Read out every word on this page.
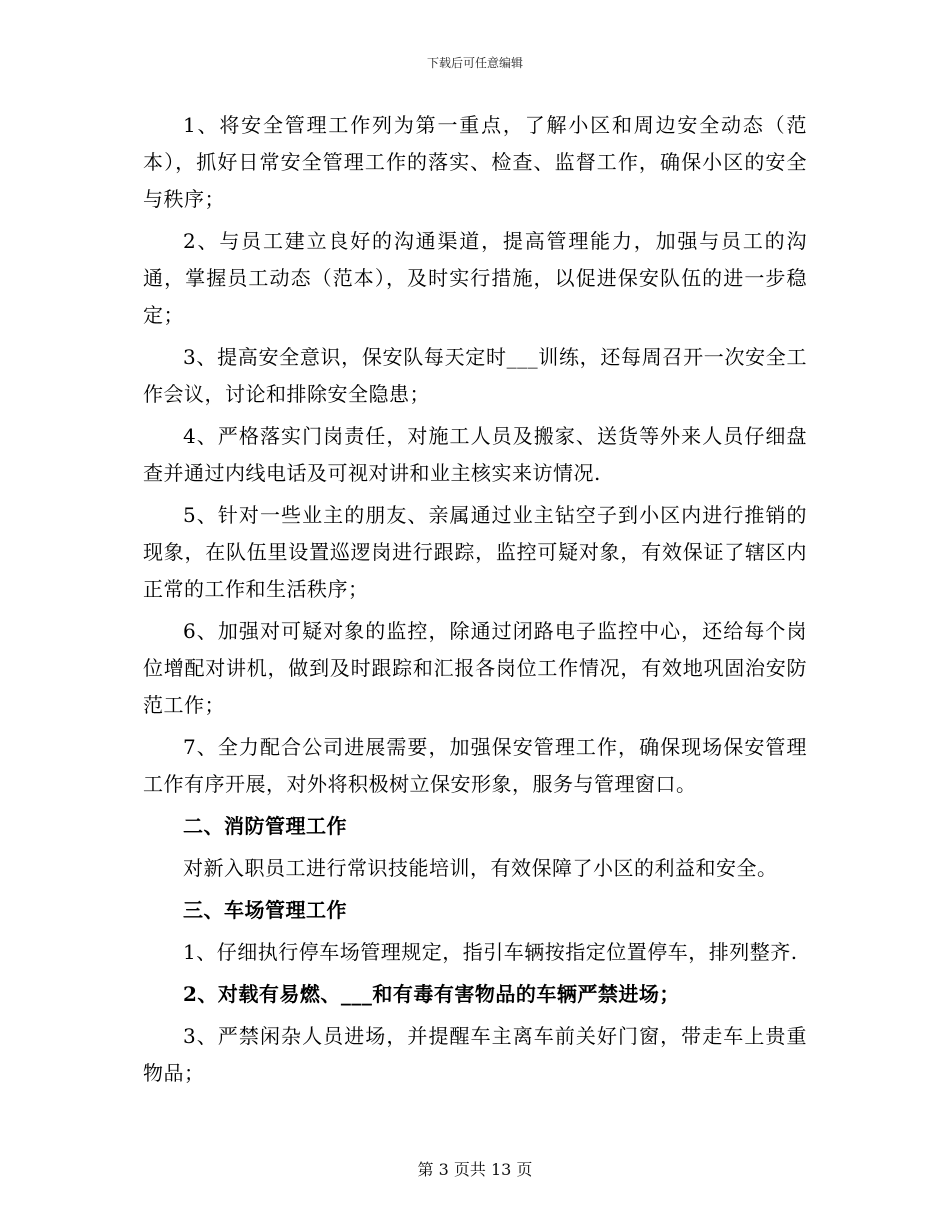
下载后可任意编辑

1、将安全管理工作列为第一重点，了解小区和周边安全动态（范本），抓好日常安全管理工作的落实、检查、监督工作，确保小区的安全与秩序；

2、与员工建立良好的沟通渠道，提高管理能力，加强与员工的沟通，掌握员工动态（范本），及时实行措施，以促进保安队伍的进一步稳定；

3、提高安全意识，保安队每天定时___训练，还每周召开一次安全工作会议，讨论和排除安全隐患；

4、严格落实门岗责任，对施工人员及搬家、送货等外来人员仔细盘查并通过内线电话及可视对讲和业主核实来访情况.

5、针对一些业主的朋友、亲属通过业主钻空子到小区内进行推销的现象，在队伍里设置巡逻岗进行跟踪，监控可疑对象，有效保证了辖区内正常的工作和生活秩序；

6、加强对可疑对象的监控，除通过闭路电子监控中心，还给每个岗位增配对讲机，做到及时跟踪和汇报各岗位工作情况，有效地巩固治安防范工作；

7、全力配合公司进展需要，加强保安管理工作，确保现场保安管理工作有序开展，对外将积极树立保安形象，服务与管理窗口。

二、消防管理工作

对新入职员工进行常识技能培训，有效保障了小区的利益和安全。

三、车场管理工作

1、仔细执行停车场管理规定，指引车辆按指定位置停车，排列整齐.

2、对载有易燃、___和有毒有害物品的车辆严禁进场；

3、严禁闲杂人员进场，并提醒车主离车前关好门窗，带走车上贵重物品；

第 3 页共 13 页
